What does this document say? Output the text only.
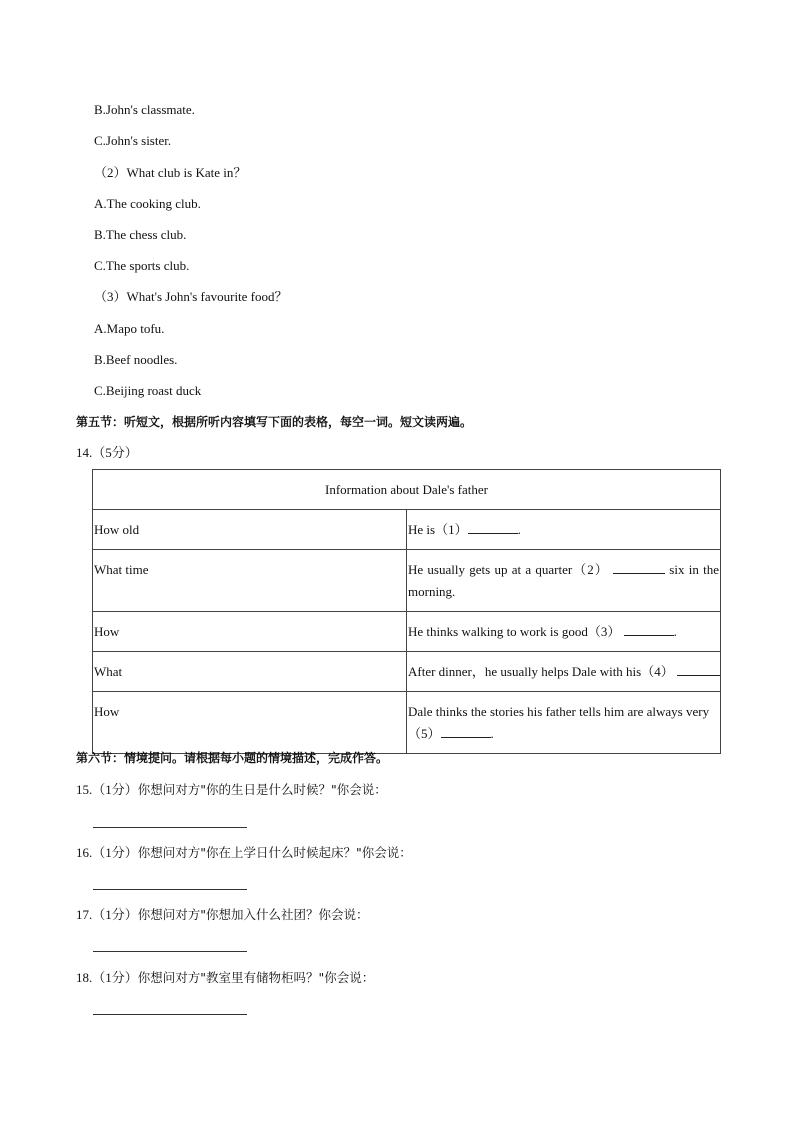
B.John's classmate.
C.John's sister.
（2）What club is Kate in？
A.The cooking club.
B.The chess club.
C.The sports club.
（3）What's John's favourite food？
A.Mapo tofu.
B.Beef noodles.
C.Beijing roast duck
第五节：听短文，根据所听内容填写下面的表格，每空一词。短文读两遍。
14.（5分）
Information about Dale's father	

How old	He is（1） .

What time	He usually gets up at a quarter（2） six in the morning.

How	He thinks walking to work is good（3） .

What	After dinner，he usually helps Dale with his（4）

How	Dale thinks the stories his father tells him are always very （5） .
第六节：情境提问。请根据每小题的情境描述，完成作答。
15.（1分）你想问对方"你的生日是什么时候？"你会说：
16.（1分）你想问对方"你在上学日什么时候起床？"你会说：
17.（1分）你想问对方"你想加入什么社团？你会说：
18.（1分）你想问对方"教室里有储物柜吗？"你会说：
